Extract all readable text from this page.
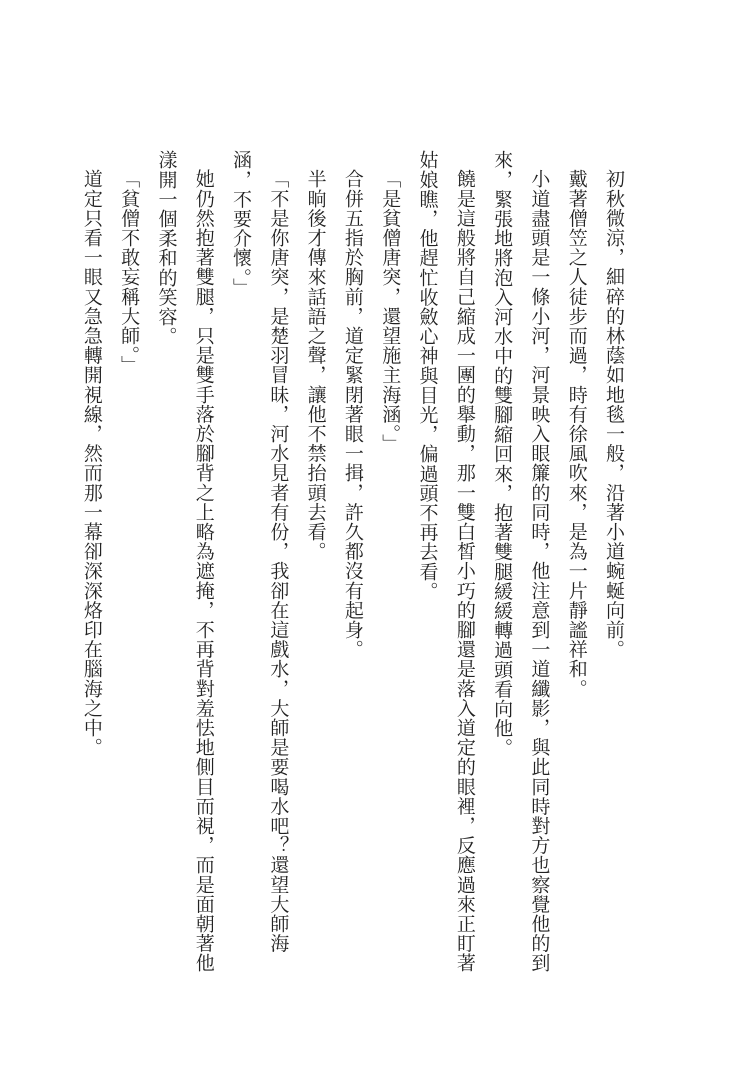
初秋微涼，細碎的林蔭如地毯一般，沿著小道蜿蜒向前。

戴著僧笠之人徒步而過，時有徐風吹來，是為一片靜謐祥和。

小道盡頭是一條小河，河景映入眼簾的同時，他注意到一道纖影，與此同時對方也察覺他的到來，緊張地將泡入河水中的雙腳縮回來，抱著雙腿緩緩轉過頭看向他。

饒是這般將自己縮成一團的舉動，那一雙白皙小巧的腳還是落入道定的眼裡，反應過來正盯著姑娘瞧，他趕忙收斂心神與目光，偏過頭不再去看。

「是貧僧唐突，還望施主海涵。」

合併五指於胸前，道定緊閉著眼一揖，許久都沒有起身。

半晌後才傳來話語之聲，讓他不禁抬頭去看。

「不是你唐突，是楚羽冒昧，河水見者有份，我卻在這戲水，大師是要喝水吧？還望大師海涵，不要介懷。」

她仍然抱著雙腿，只是雙手落於腳背之上略為遮掩，不再背對羞怯地側目而視，而是面朝著他漾開一個柔和的笑容。

「貧僧不敢妄稱大師。」

道定只看一眼又急急轉開視線，然而那一幕卻深深烙印在腦海之中。
